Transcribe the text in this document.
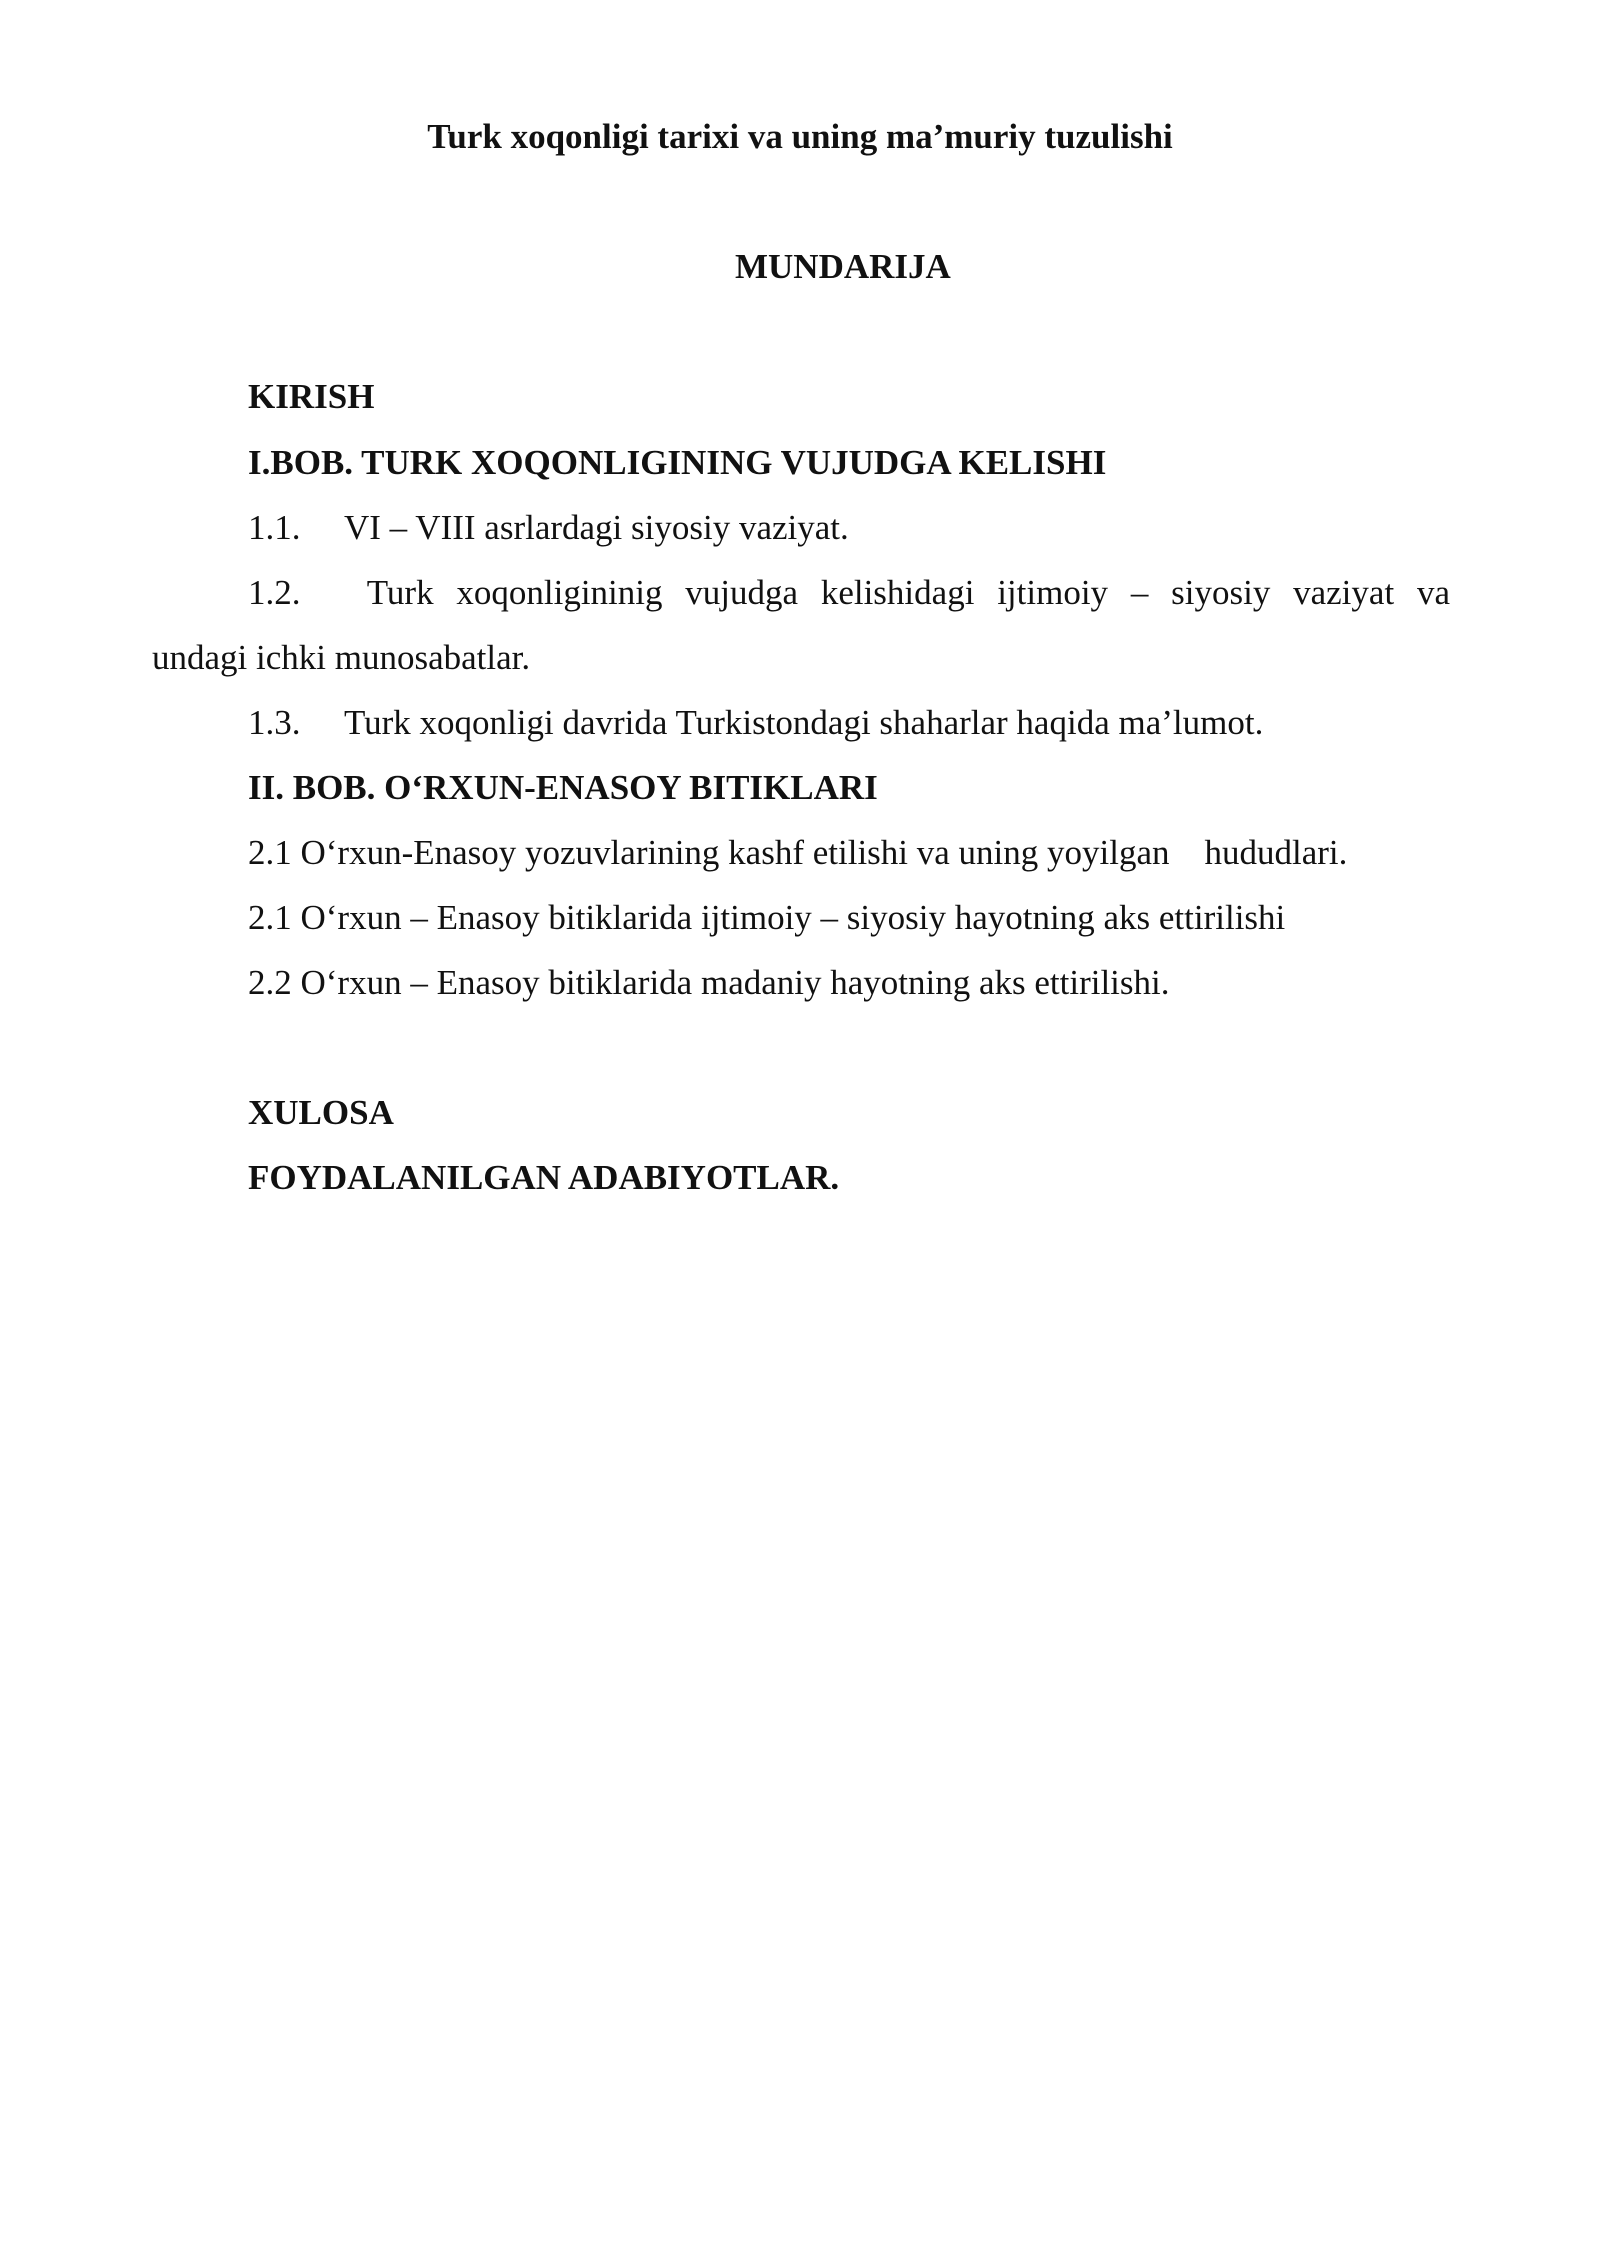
Turk xoqonligi tarixi va uning ma’muriy tuzulishi
MUNDARIJA
KIRISH
I.BOB. TURK XOQONLIGINING VUJUDGA KELISHI
1.1. VI – VIII asrlardagi siyosiy vaziyat.
1.2.	Turk xoqonligininig vujudga kelishidagi ijtimoiy – siyosiy vaziyat va
undagi ichki munosabatlar.
1.3. Turk xoqonligi davrida Turkistondagi shaharlar haqida ma’lumot.
II. BOB. O‘RXUN-ENASOY BITIKLARI
2.1 O‘rxun-Enasoy yozuvlarining kashf etilishi va uning yoyilgan    hududlari.
2.1 O‘rxun – Enasoy bitiklarida ijtimoiy – siyosiy hayotning aks ettirilishi
2.2 O‘rxun – Enasoy bitiklarida madaniy hayotning aks ettirilishi.
XULOSA
FOYDALANILGAN ADABIYOTLAR.
